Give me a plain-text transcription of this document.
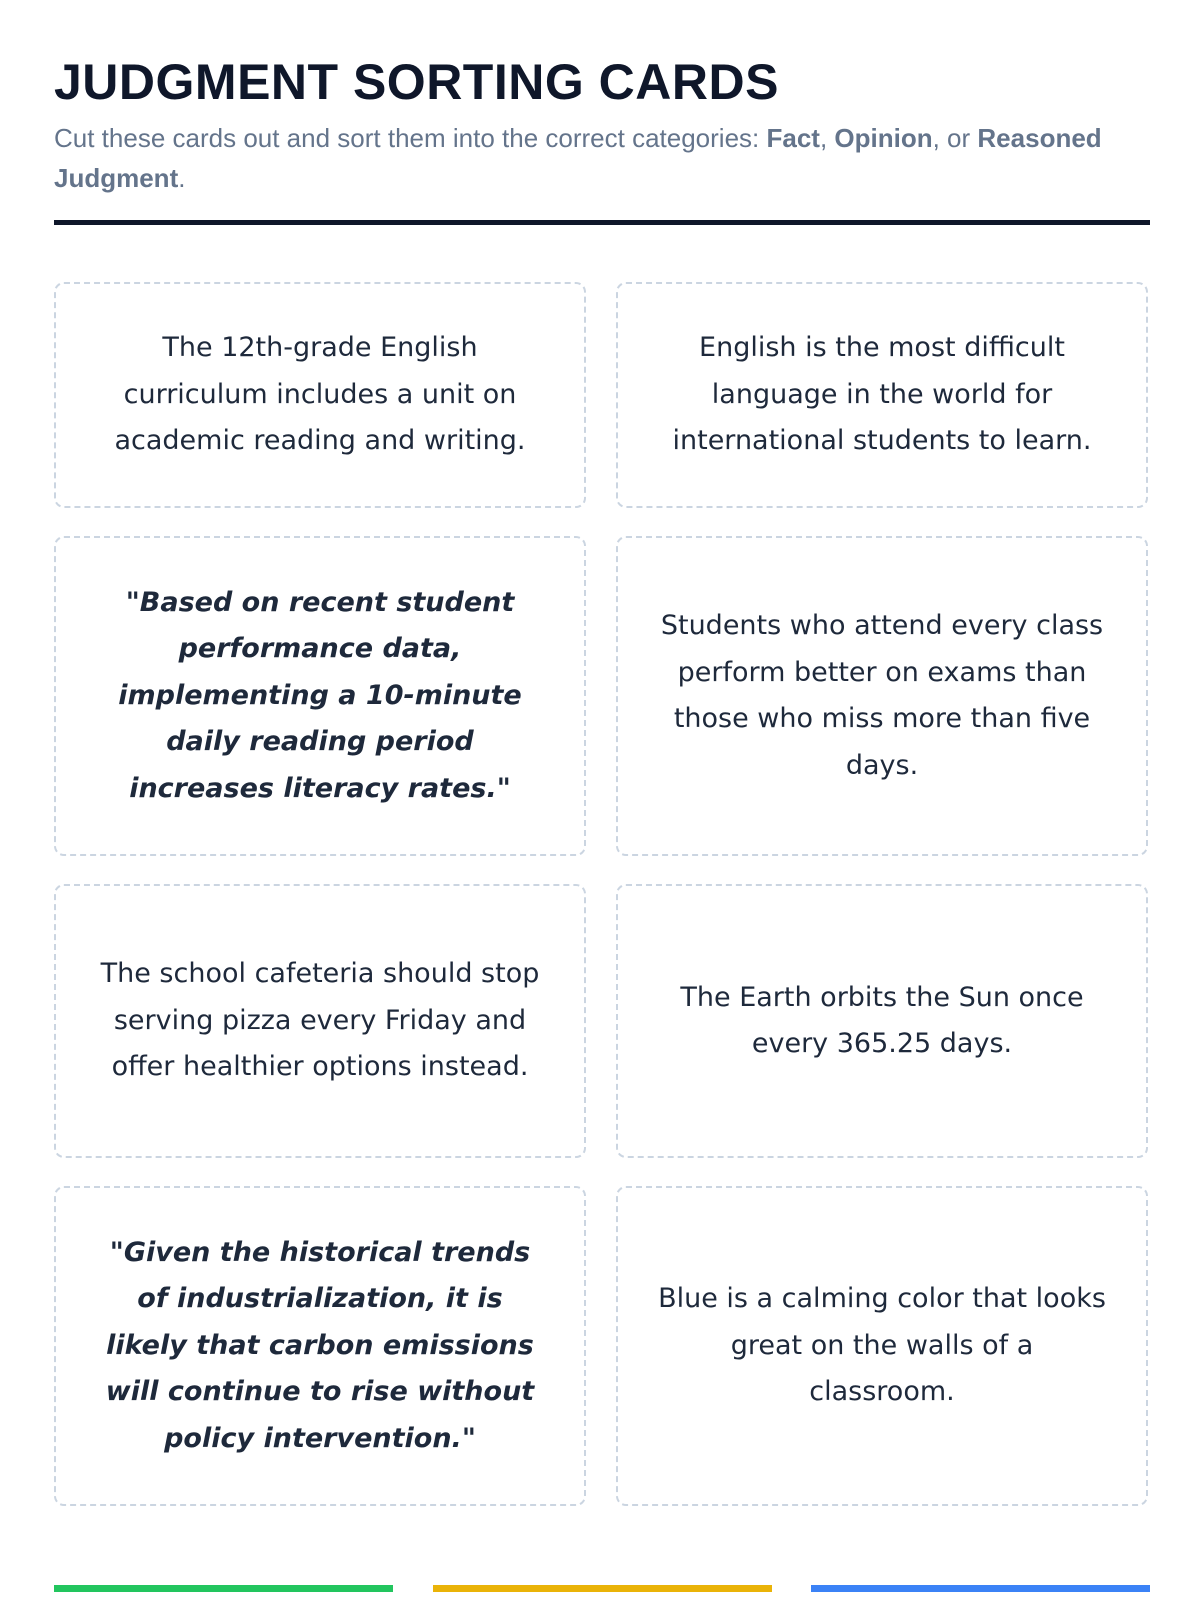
JUDGMENT SORTING CARDS
Cut these cards out and sort them into the correct categories: Fact, Opinion, or Reasoned Judgment.
The 12th-grade English curriculum includes a unit on academic reading and writing.
English is the most difficult language in the world for international students to learn.
"Based on recent student performance data, implementing a 10-minute daily reading period increases literacy rates."
Students who attend every class perform better on exams than those who miss more than five days.
The school cafeteria should stop serving pizza every Friday and offer healthier options instead.
The Earth orbits the Sun once every 365.25 days.
"Given the historical trends of industrialization, it is likely that carbon emissions will continue to rise without policy intervention."
Blue is a calming color that looks great on the walls of a classroom.
